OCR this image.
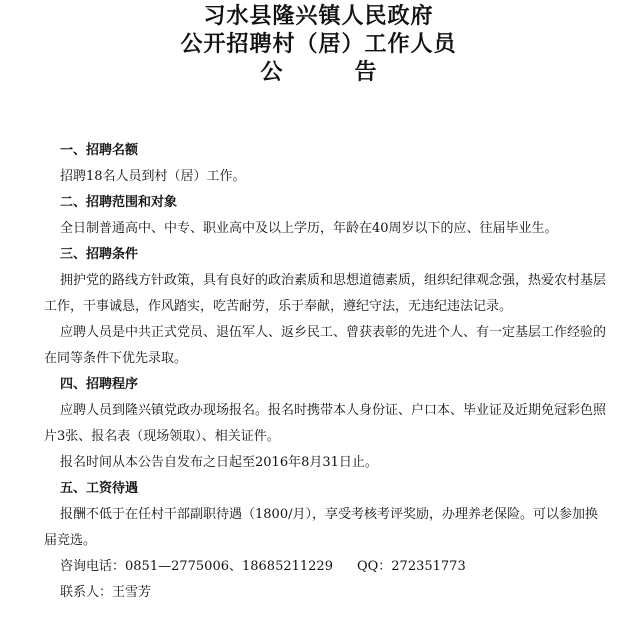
习水县隆兴镇人民政府

公开招聘村（居）工作人员

公	告

一、招聘名额

招聘18名人员到村（居）工作。

二、招聘范围和对象

全日制普通高中、中专、职业高中及以上学历，年龄在40周岁以下的应、往届毕业生。

三、招聘条件

拥护党的路线方针政策，具有良好的政治素质和思想道德素质，组织纪律观念强，热爱农村基层

工作，干事诚恳，作风踏实，吃苦耐劳，乐于奉献，遵纪守法，无违纪违法记录。

应聘人员是中共正式党员、退伍军人、返乡民工、曾获表彰的先进个人、有一定基层工作经验的

在同等条件下优先录取。

四、招聘程序

应聘人员到隆兴镇党政办现场报名。报名时携带本人身份证、户口本、毕业证及近期免冠彩色照

片3张、报名表（现场领取）、相关证件。

报名时间从本公告自发布之日起至2016年8月31日止。

五、工资待遇

报酬不低于在任村干部副职待遇（1800/月），享受考核考评奖励，办理养老保险。可以参加换

届竞选。

咨询电话：0851—2775006、18685211229 QQ：272351773

联系人：王雪芳
